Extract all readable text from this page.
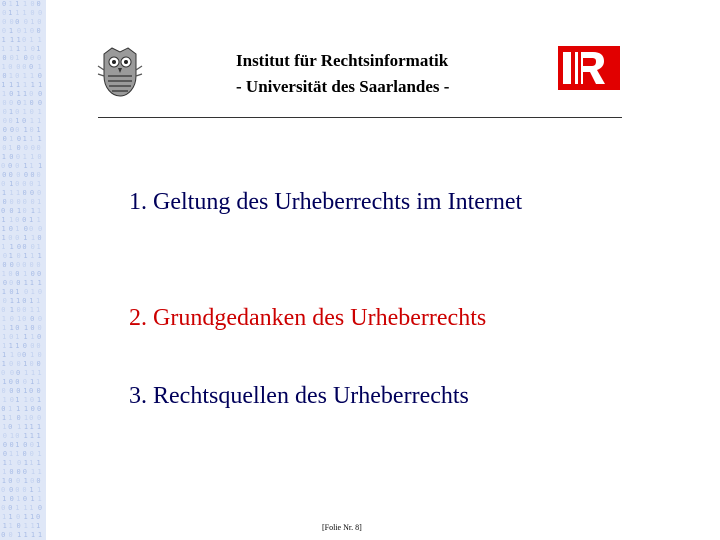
0 1 1 1 0 0
0 1 1 1 0 0
0 0 0 0 1 0
0 1 0 1 0 0
1 1 1 0 1 1
1 1 1 1 0 1
0 0 1 0 0 0
1 0 0 0 0 1
0 1 0 1 1 0
1 1 1 1 1 1
1 0 1 1 0 0
0 0 0 1 0 0
0 1 0 1 0 1
0 0 1 0 1 1
0 0 0 1 0 1
0 1 0 1 1 1
0 1 0 0 0 0
1 0 0 1 1 0
0 0 0 1 1 1
0 0 0 0 0 0
0 1 0 0 0 1
1 1 1 0 0 0
0 0 0 0 0 1
0 0 1 0 1 1
1 1 0 0 1 1
1 0 1 0 0 0
1 0 0 1 1 0
1 1 0 0 0 1
0 1 0 1 1 1
0 0 0 0 0 0
1 0 0 1 0 0
0 0 0 1 1 1
1 0 1 0 1 0
0 1 1 0 1 1
0 1 0 0 1 1
1 0 1 0 0 0
1 1 0 1 0 0
1 0 1 1 1 0
1 1 1 0 0 0
1 1 0 0 1 0
1 0 0 1 0 0
0 0 0 1 1 1
1 0 0 0 1 1
0 0 0 1 0 0
1 0 1 1 0 1
0 1 1 1 0 0
1 1 0 1 0 0
1 0 1 1 1 1
0 1 0 1 1 1
0 0 1 0 0 1
0 1 1 0 0 1
1 1 0 1 1 1
1 0 0 0 1 1
1 0 0 1 0 0
0 0 0 0 1 1
1 0 1 0 1 1
0 0 1 1 1 0
1 1 0 1 1 0
1 1 0 1 1 1
0 0 1 1 1 1
Institut für Rechtsinformatik
- Universität des Saarlandes -
1. Geltung des Urheberrechts im Internet
2. Grundgedanken des Urheberrechts
3. Rechtsquellen des Urheberrechts
[Folie Nr. 8]
